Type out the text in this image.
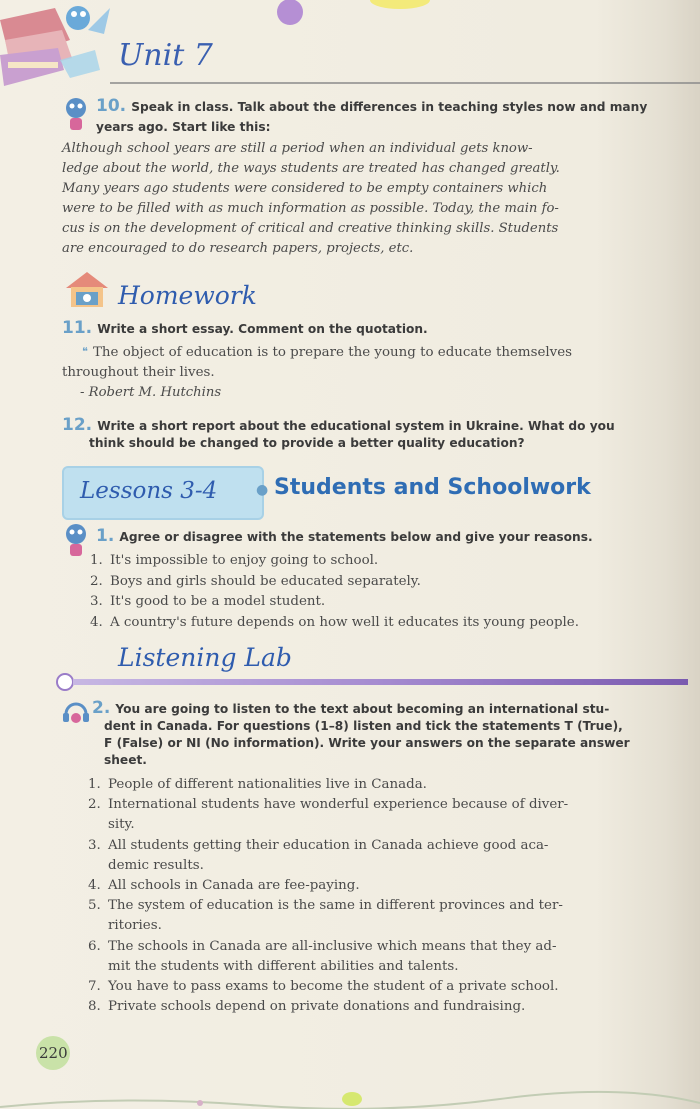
Unit 7
10. Speak in class. Talk about the differences in teaching styles now and many years ago. Start like this:
Although school years are still a period when an individual gets know-
ledge about the world, the ways students are treated has changed greatly.
Many years ago students were considered to be empty containers which
were to be filled with as much information as possible. Today, the main fo-
cus is on the development of critical and creative thinking skills. Students
are encouraged to do research papers, projects, etc.
Homework
11. Write a short essay. Comment on the quotation.
❝ The object of education is to prepare the young to educate themselves
throughout their lives.
- Robert M. Hutchins
12. Write a short report about the educational system in Ukraine. What do you
think should be changed to provide a better quality education?
Lessons 3-4	● Students and Schoolwork
1. Agree or disagree with the statements below and give your reasons.
1. It's impossible to enjoy going to school.
2. Boys and girls should be educated separately.
3. It's good to be a model student.
4. A country's future depends on how well it educates its young people.
Listening Lab
2. You are going to listen to the text about becoming an international stu-
dent in Canada. For questions (1–8) listen and tick the statements T (True),
F (False) or NI (No information). Write your answers on the separate answer
sheet.
1. People of different nationalities live in Canada.
2. International students have wonderful experience because of diver-
sity.
3. All students getting their education in Canada achieve good aca-
demic results.
4. All schools in Canada are fee-paying.
5. The system of education is the same in different provinces and ter-
ritories.
6. The schools in Canada are all-inclusive which means that they ad-
mit the students with different abilities and talents.
7. You have to pass exams to become the student of a private school.
8. Private schools depend on private donations and fundraising.
220
